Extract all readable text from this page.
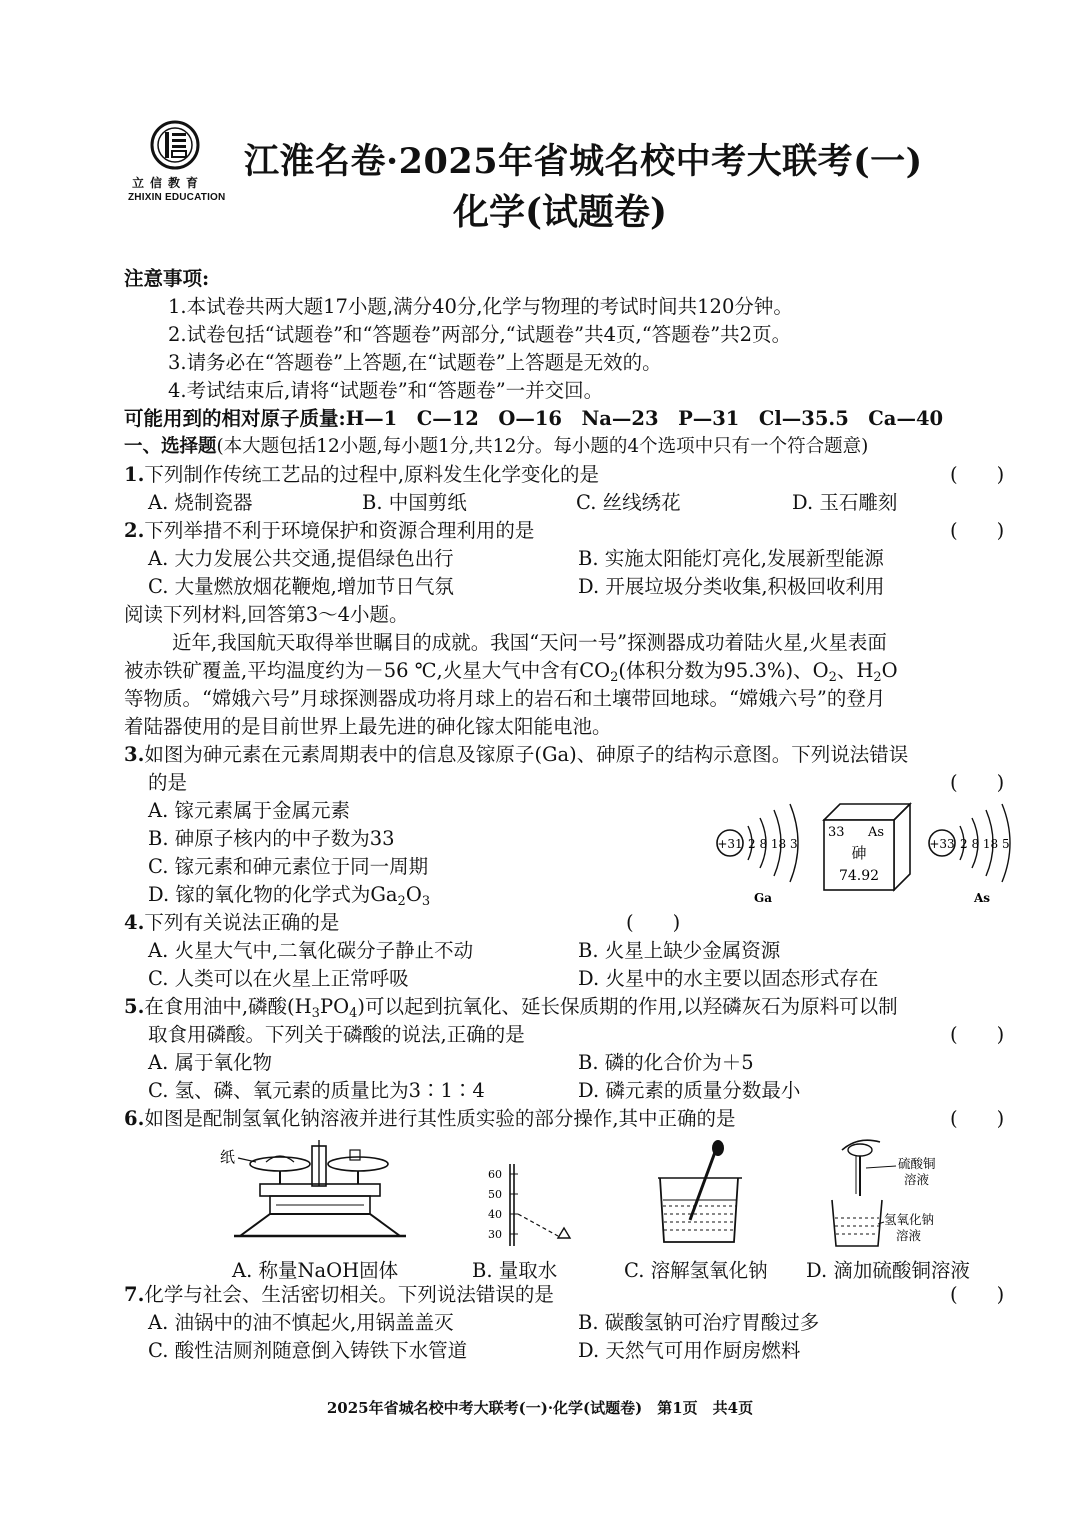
立信教育
ZHIXIN EDUCATION
江淮名卷·2025年省城名校中考大联考(一)
化学(试题卷)
注意事项:
1.本试卷共两大题17小题,满分40分,化学与物理的考试时间共120分钟。
2.试卷包括“试题卷”和“答题卷”两部分,“试题卷”共4页,“答题卷”共2页。
3.请务必在“答题卷”上答题,在“试题卷”上答题是无效的。
4.考试结束后,请将“试题卷”和“答题卷”一并交回。
可能用到的相对原子质量:H—1　C—12　O—16　Na—23　P—31　Cl—35.5　Ca—40
一、选择题(本大题包括12小题,每小题1分,共12分。每小题的4个选项中只有一个符合题意)
1.下列制作传统工艺品的过程中,原料发生化学变化的是	(　　)
A. 烧制瓷器	B. 中国剪纸	C. 丝线绣花	D. 玉石雕刻
2.下列举措不利于环境保护和资源合理利用的是	(　　)
A. 大力发展公共交通,提倡绿色出行	B. 实施太阳能灯亮化,发展新型能源
C. 大量燃放烟花鞭炮,增加节日气氛	D. 开展垃圾分类收集,积极回收利用
阅读下列材料,回答第3～4小题。
近年,我国航天取得举世瞩目的成就。我国“天问一号”探测器成功着陆火星,火星表面
被赤铁矿覆盖,平均温度约为－56 ℃,火星大气中含有$CO_2$(体积分数为95.3%)、$O_2$、$H_2O$
等物质。“嫦娥六号”月球探测器成功将月球上的岩石和土壤带回地球。“嫦娥六号”的登月
着陆器使用的是目前世界上最先进的砷化镓太阳能电池。
3.如图为砷元素在元素周期表中的信息及镓原子(Ga)、砷原子的结构示意图。下列说法错误
的是	(　　)
A. 镓元素属于金属元素
B. 砷原子核内的中子数为33
C. 镓元素和砷元素位于同一周期
D. 镓的氧化物的化学式为$Ga_2O_3$
+31 2 8 18 3
Ga
33 As
砷
74.92
+33 2 8 18 5
As
4.下列有关说法正确的是	(　　)
A. 火星大气中,二氧化碳分子静止不动	B. 火星上缺少金属资源
C. 人类可以在火星上正常呼吸	D. 火星中的水主要以固态形式存在
5.在食用油中,磷酸$(H_3PO_4)$可以起到抗氧化、延长保质期的作用,以羟磷灰石为原料可以制
取食用磷酸。下列关于磷酸的说法,正确的是	(　　)
A. 属于氧化物	B. 磷的化合价为＋5
C. 氢、磷、氧元素的质量比为3∶1∶4	D. 磷元素的质量分数最小
6.如图是配制氢氧化钠溶液并进行其性质实验的部分操作,其中正确的是	(　　)
纸
60
50
40
30
硫酸铜
溶液
氢氧化钠
溶液
A. 称量NaOH固体	B. 量取水	C. 溶解氢氧化钠 D. 滴加硫酸铜溶液
7.化学与社会、生活密切相关。下列说法错误的是	(　　)
A. 油锅中的油不慎起火,用锅盖盖灭	B. 碳酸氢钠可治疗胃酸过多
C. 酸性洁厕剂随意倒入铸铁下水管道	D. 天然气可用作厨房燃料
2025年省城名校中考大联考(一)·化学(试题卷)　第1页　共4页
